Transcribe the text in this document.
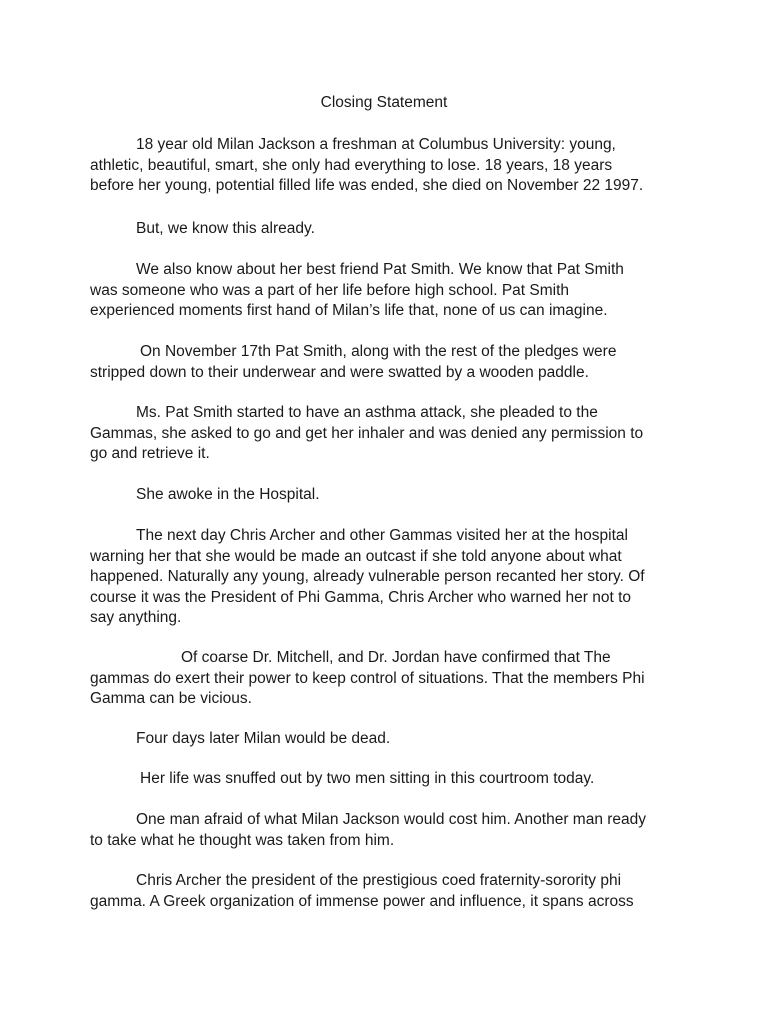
Closing Statement

18 year old Milan Jackson a freshman at Columbus University: young,
athletic, beautiful, smart, she only had everything to lose. 18 years, 18 years
before her young, potential filled life was ended, she died on November 22 1997.

But, we know this already.

We also know about her best friend Pat Smith. We know that Pat Smith
was someone who was a part of her life before high school. Pat Smith
experienced moments first hand of Milan’s life that, none of us can imagine.

On November 17th Pat Smith, along with the rest of the pledges were
stripped down to their underwear and were swatted by a wooden paddle.

Ms. Pat Smith started to have an asthma attack, she pleaded to the
Gammas, she asked to go and get her inhaler and was denied any permission to
go and retrieve it.

She awoke in the Hospital.

The next day Chris Archer and other Gammas visited her at the hospital
warning her that she would be made an outcast if she told anyone about what
happened. Naturally any young, already vulnerable person recanted her story. Of
course it was the President of Phi Gamma, Chris Archer who warned her not to
say anything.

Of coarse Dr. Mitchell, and Dr. Jordan have confirmed that The
gammas do exert their power to keep control of situations. That the members Phi
Gamma can be vicious.

Four days later Milan would be dead.

Her life was snuffed out by two men sitting in this courtroom today.

One man afraid of what Milan Jackson would cost him. Another man ready
to take what he thought was taken from him.

Chris Archer the president of the prestigious coed fraternity-sorority phi
gamma. A Greek organization of immense power and influence, it spans across
